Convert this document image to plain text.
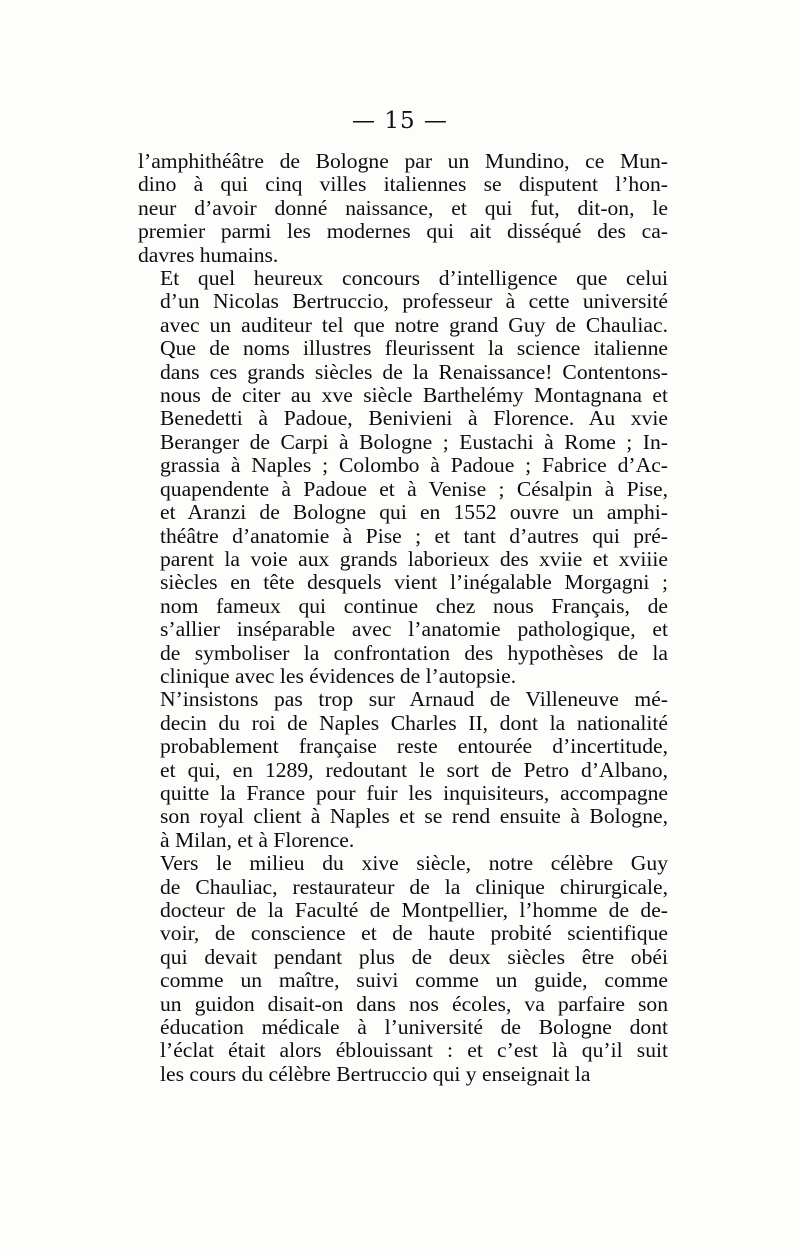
— 15 —

l’amphithéâtre de Bologne par un Mundino, ce Mun-
dino à qui cinq villes italiennes se disputent l’hon-
neur d’avoir donné naissance, et qui fut, dit-on, le
premier parmi les modernes qui ait disséqué des ca-
davres humains.

Et quel heureux concours d’intelligence que celui
d’un Nicolas Bertruccio, professeur à cette université
avec un auditeur tel que notre grand Guy de Chauliac.
Que de noms illustres fleurissent la science italienne
dans ces grands siècles de la Renaissance! Contentons-
nous de citer au xve siècle Barthelémy Montagnana et
Benedetti à Padoue, Benivieni à Florence. Au xvie
Beranger de Carpi à Bologne ; Eustachi à Rome ; In-
grassia à Naples ; Colombo à Padoue ; Fabrice d’Ac-
quapendente à Padoue et à Venise ; Césalpin à Pise,
et Aranzi de Bologne qui en 1552 ouvre un amphi-
théâtre d’anatomie à Pise ; et tant d’autres qui pré-
parent la voie aux grands laborieux des xviie et xviiie
siècles en tête desquels vient l’inégalable Morgagni ;
nom fameux qui continue chez nous Français, de
s’allier inséparable avec l’anatomie pathologique, et
de symboliser la confrontation des hypothèses de la
clinique avec les évidences de l’autopsie.

N’insistons pas trop sur Arnaud de Villeneuve mé-
decin du roi de Naples Charles II, dont la nationalité
probablement française reste entourée d’incertitude,
et qui, en 1289, redoutant le sort de Petro d’Albano,
quitte la France pour fuir les inquisiteurs, accompagne
son royal client à Naples et se rend ensuite à Bologne,
à Milan, et à Florence.

Vers le milieu du xive siècle, notre célèbre Guy
de Chauliac, restaurateur de la clinique chirurgicale,
docteur de la Faculté de Montpellier, l’homme de de-
voir, de conscience et de haute probité scientifique
qui devait pendant plus de deux siècles être obéi
comme un maître, suivi comme un guide, comme
un guidon disait-on dans nos écoles, va parfaire son
éducation médicale à l’université de Bologne dont
l’éclat était alors éblouissant : et c’est là qu’il suit
les cours du célèbre Bertruccio qui y enseignait la
